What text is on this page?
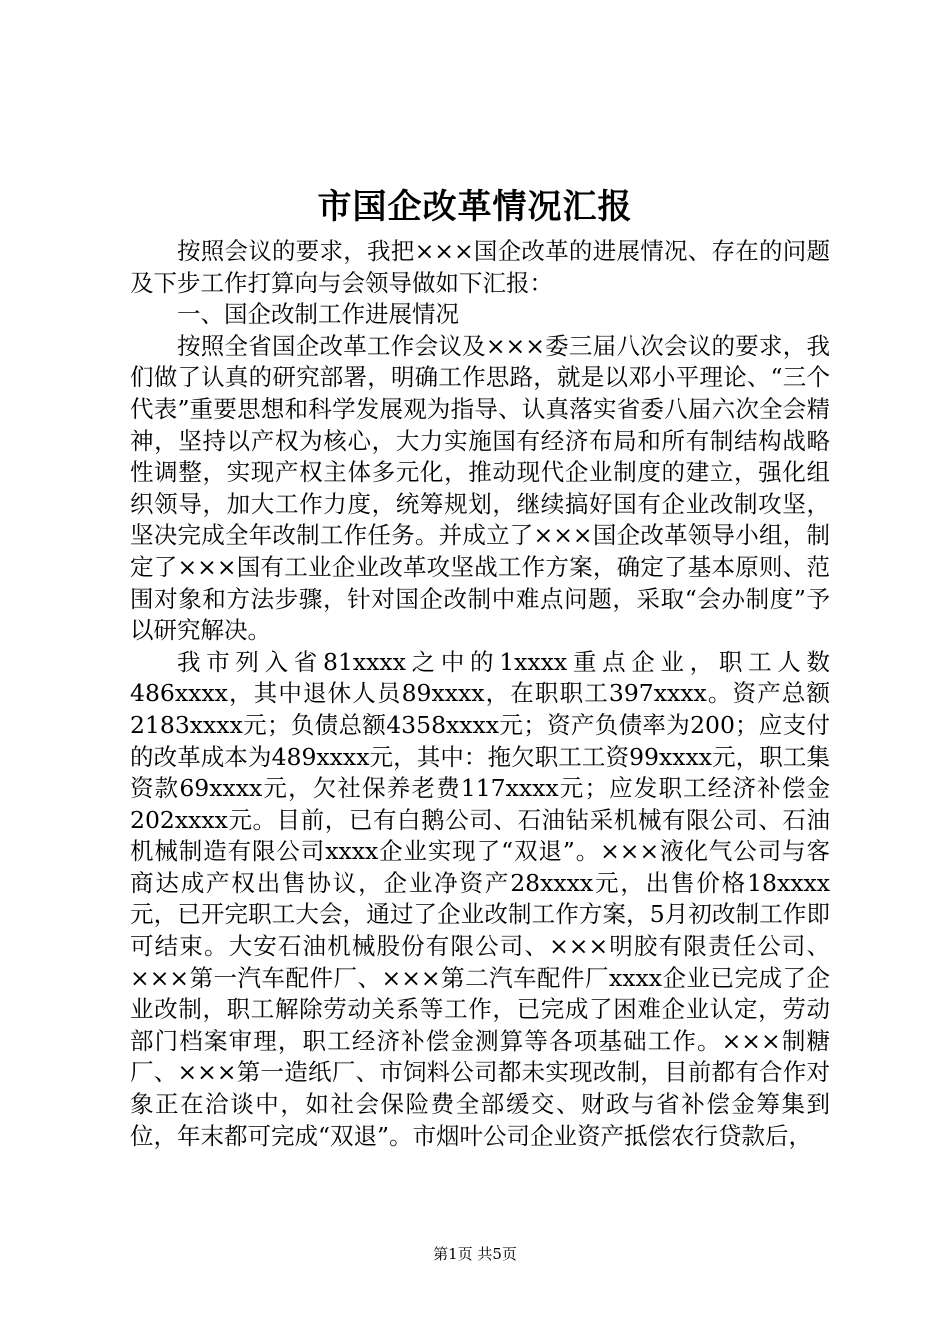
市国企改革情况汇报

按照会议的要求，我把×××国企改革的进展情况、存在的问题及下步工作打算向与会领导做如下汇报：

一、国企改制工作进展情况

按照全省国企改革工作会议及×××委三届八次会议的要求，我们做了认真的研究部署，明确工作思路，就是以邓小平理论、“三个代表”重要思想和科学发展观为指导、认真落实省委八届六次全会精神，坚持以产权为核心，大力实施国有经济布局和所有制结构战略性调整，实现产权主体多元化，推动现代企业制度的建立，强化组织领导，加大工作力度，统筹规划，继续搞好国有企业改制攻坚，坚决完成全年改制工作任务。并成立了×××国企改革领导小组，制定了×××国有工业企业改革攻坚战工作方案，确定了基本原则、范围对象和方法步骤，针对国企改制中难点问题，采取“会办制度”予以研究解决。

我市列入省81xxxx之中的1xxxx重点企业，职工人数486xxxx，其中退休人员89xxxx，在职职工397xxxx。资产总额2183xxxx元；负债总额4358xxxx元；资产负债率为200；应支付的改革成本为489xxxx元，其中：拖欠职工工资99xxxx元，职工集资款69xxxx元，欠社保养老费117xxxx元；应发职工经济补偿金202xxxx元。目前，已有白鹅公司、石油钻采机械有限公司、石油机械制造有限公司xxxx企业实现了“双退”。×××液化气公司与客商达成产权出售协议，企业净资产28xxxx元，出售价格18xxxx元，已开完职工大会，通过了企业改制工作方案，5月初改制工作即可结束。大安石油机械股份有限公司、×××明胶有限责任公司、×××第一汽车配件厂、×××第二汽车配件厂xxxx企业已完成了企业改制，职工解除劳动关系等工作，已完成了困难企业认定，劳动部门档案审理，职工经济补偿金测算等各项基础工作。×××制糖厂、×××第一造纸厂、市饲料公司都未实现改制，目前都有合作对象正在洽谈中，如社会保险费全部缓交、财政与省补偿金筹集到位，年末都可完成“双退”。市烟叶公司企业资产抵偿农行贷款后，

第1页 共5页
